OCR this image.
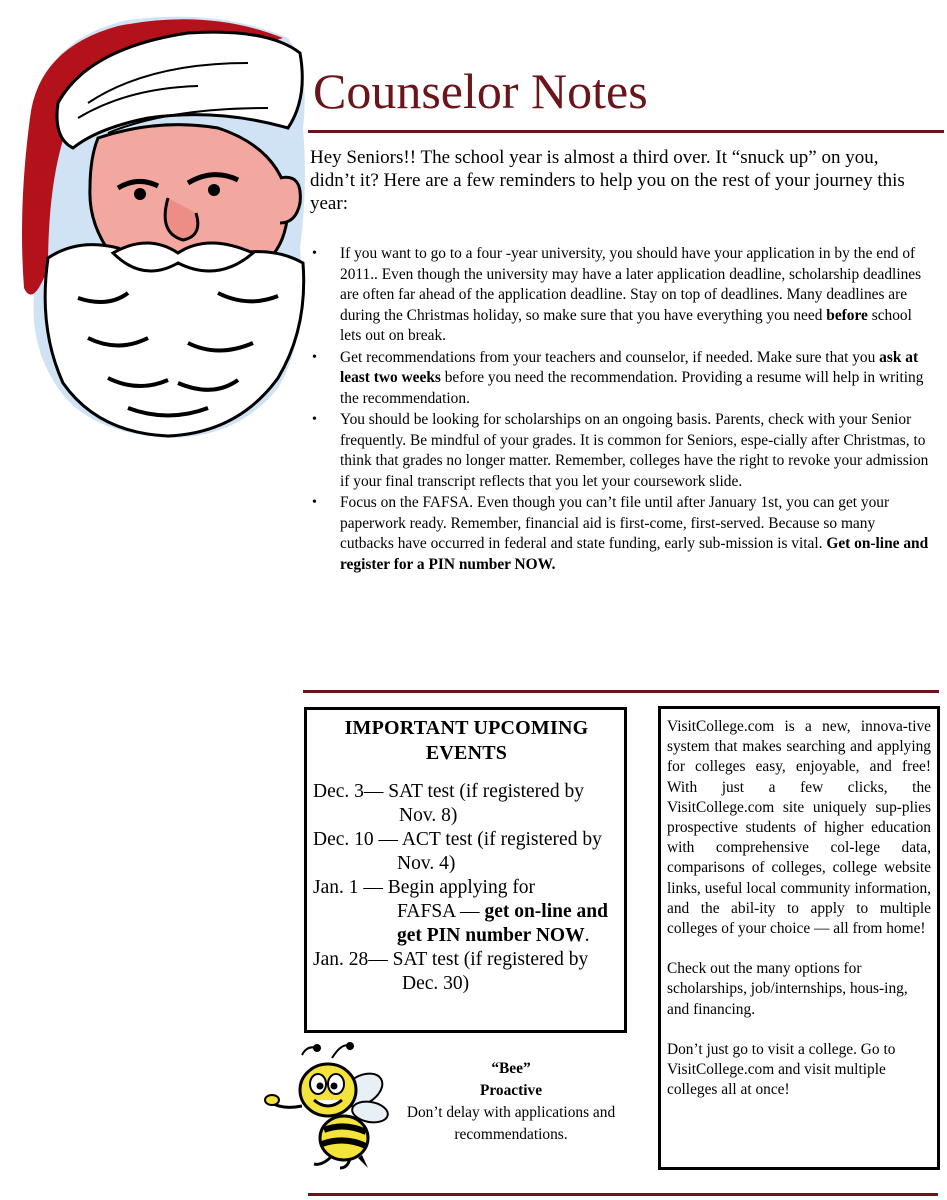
Counselor Notes

Hey Seniors!! The school year is almost a third over. It “snuck up” on you, didn’t it? Here are a few reminders to help you on the rest of your journey this year:

• If you want to go to a four -year university, you should have your application in by the end of 2011.. Even though the university may have a later application deadline, scholarship deadlines are often far ahead of the application deadline. Stay on top of deadlines. Many deadlines are during the Christmas holiday, so make sure that you have everything you need before school lets out on break.
• Get recommendations from your teachers and counselor, if needed. Make sure that you ask at least two weeks before you need the recommendation. Providing a resume will help in writing the recommendation.
• You should be looking for scholarships on an ongoing basis. Parents, check with your Senior frequently. Be mindful of your grades. It is common for Seniors, espe-cially after Christmas, to think that grades no longer matter. Remember, colleges have the right to revoke your admission if your final transcript reflects that you let your coursework slide.
• Focus on the FAFSA. Even though you can’t file until after January 1st, you can get your paperwork ready. Remember, financial aid is first-come, first-served. Because so many cutbacks have occurred in federal and state funding, early sub-mission is vital. Get on-line and register for a PIN number NOW.
IMPORTANT UPCOMING EVENTS
Dec. 3— SAT test (if registered by
Nov. 8)
Dec. 10 — ACT test (if registered by
Nov. 4)
Jan. 1 — Begin applying for
FAFSA — get on-line and get PIN number NOW.
Jan. 28— SAT test (if registered by
Dec. 30)

VisitCollege.com is a new, innova-tive system that makes searching and applying for colleges easy, enjoyable, and free! With just a few clicks, the VisitCollege.com site uniquely sup-plies prospective students of higher education with comprehensive col-lege data, comparisons of colleges, college website links, useful local community information, and the abil-ity to apply to multiple colleges of your choice — all from home!

Check out the many options for scholarships, job/internships, hous-ing, and financing.

Don’t just go to visit a college. Go to VisitCollege.com and visit multiple colleges all at once!

“Bee”
Proactive
Don’t delay with applications and recommendations.
